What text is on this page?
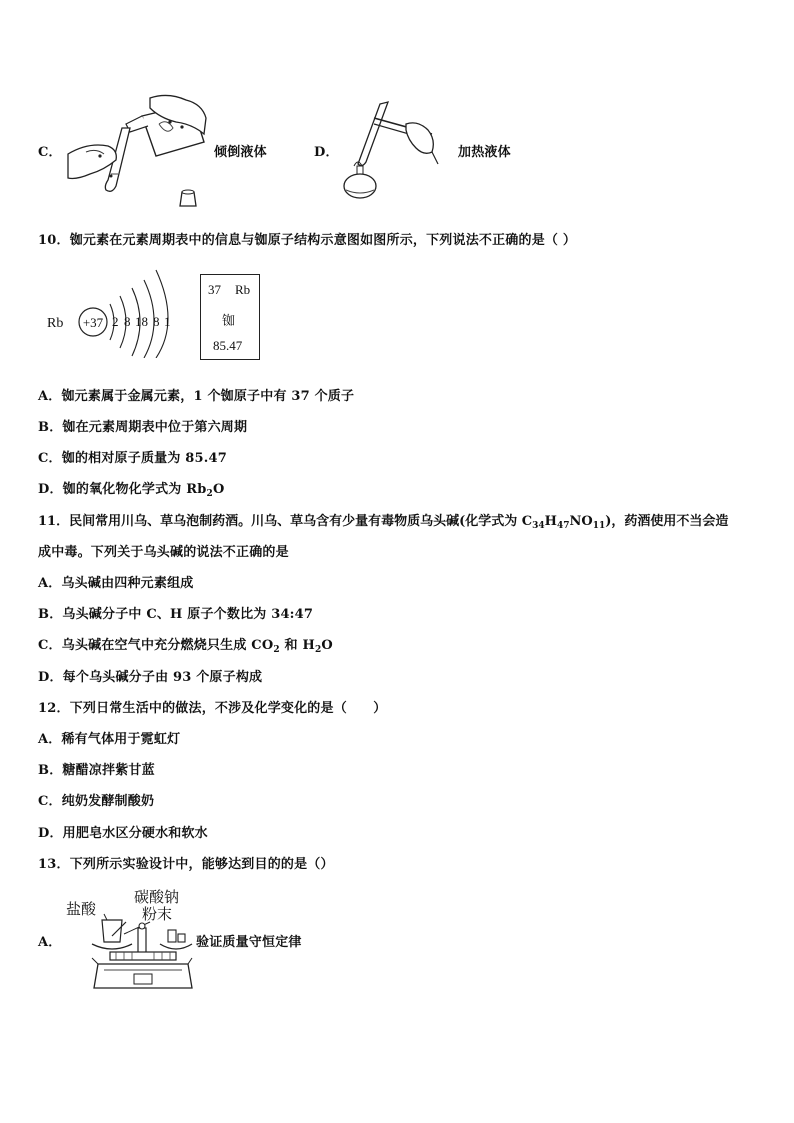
C．	倾倒液体	D．	加热液体
10．铷元素在元素周期表中的信息与铷原子结构示意图如图所示，下列说法不正确的是（ ）
Rb +37 2 8 18 8 1
37 Rb
铷
85.47
A．铷元素属于金属元素，1 个铷原子中有 37 个质子
B．铷在元素周期表中位于第六周期
C．铷的相对原子质量为 85.47
D．铷的氧化物化学式为 $Rb_2O$
11．民间常用川乌、草乌泡制药酒。川乌、草乌含有少量有毒物质乌头碱(化学式为 $C_{34}H_{47}NO_{11}$)，药酒使用不当会造
成中毒。下列关于乌头碱的说法不正确的是
A．乌头碱由四种元素组成
B．乌头碱分子中 C、H 原子个数比为 34:47
C．乌头碱在空气中充分燃烧只生成 $CO_2$ 和 $H_2O$
D．每个乌头碱分子由 93 个原子构成
12．下列日常生活中的做法，不涉及化学变化的是（　　）
A．稀有气体用于霓虹灯
B．糖醋凉拌紫甘蓝
C．纯奶发酵制酸奶
D．用肥皂水区分硬水和软水
13．下列所示实验设计中，能够达到目的的是（）
A．
盐酸
碳酸钠
粉末
验证质量守恒定律
